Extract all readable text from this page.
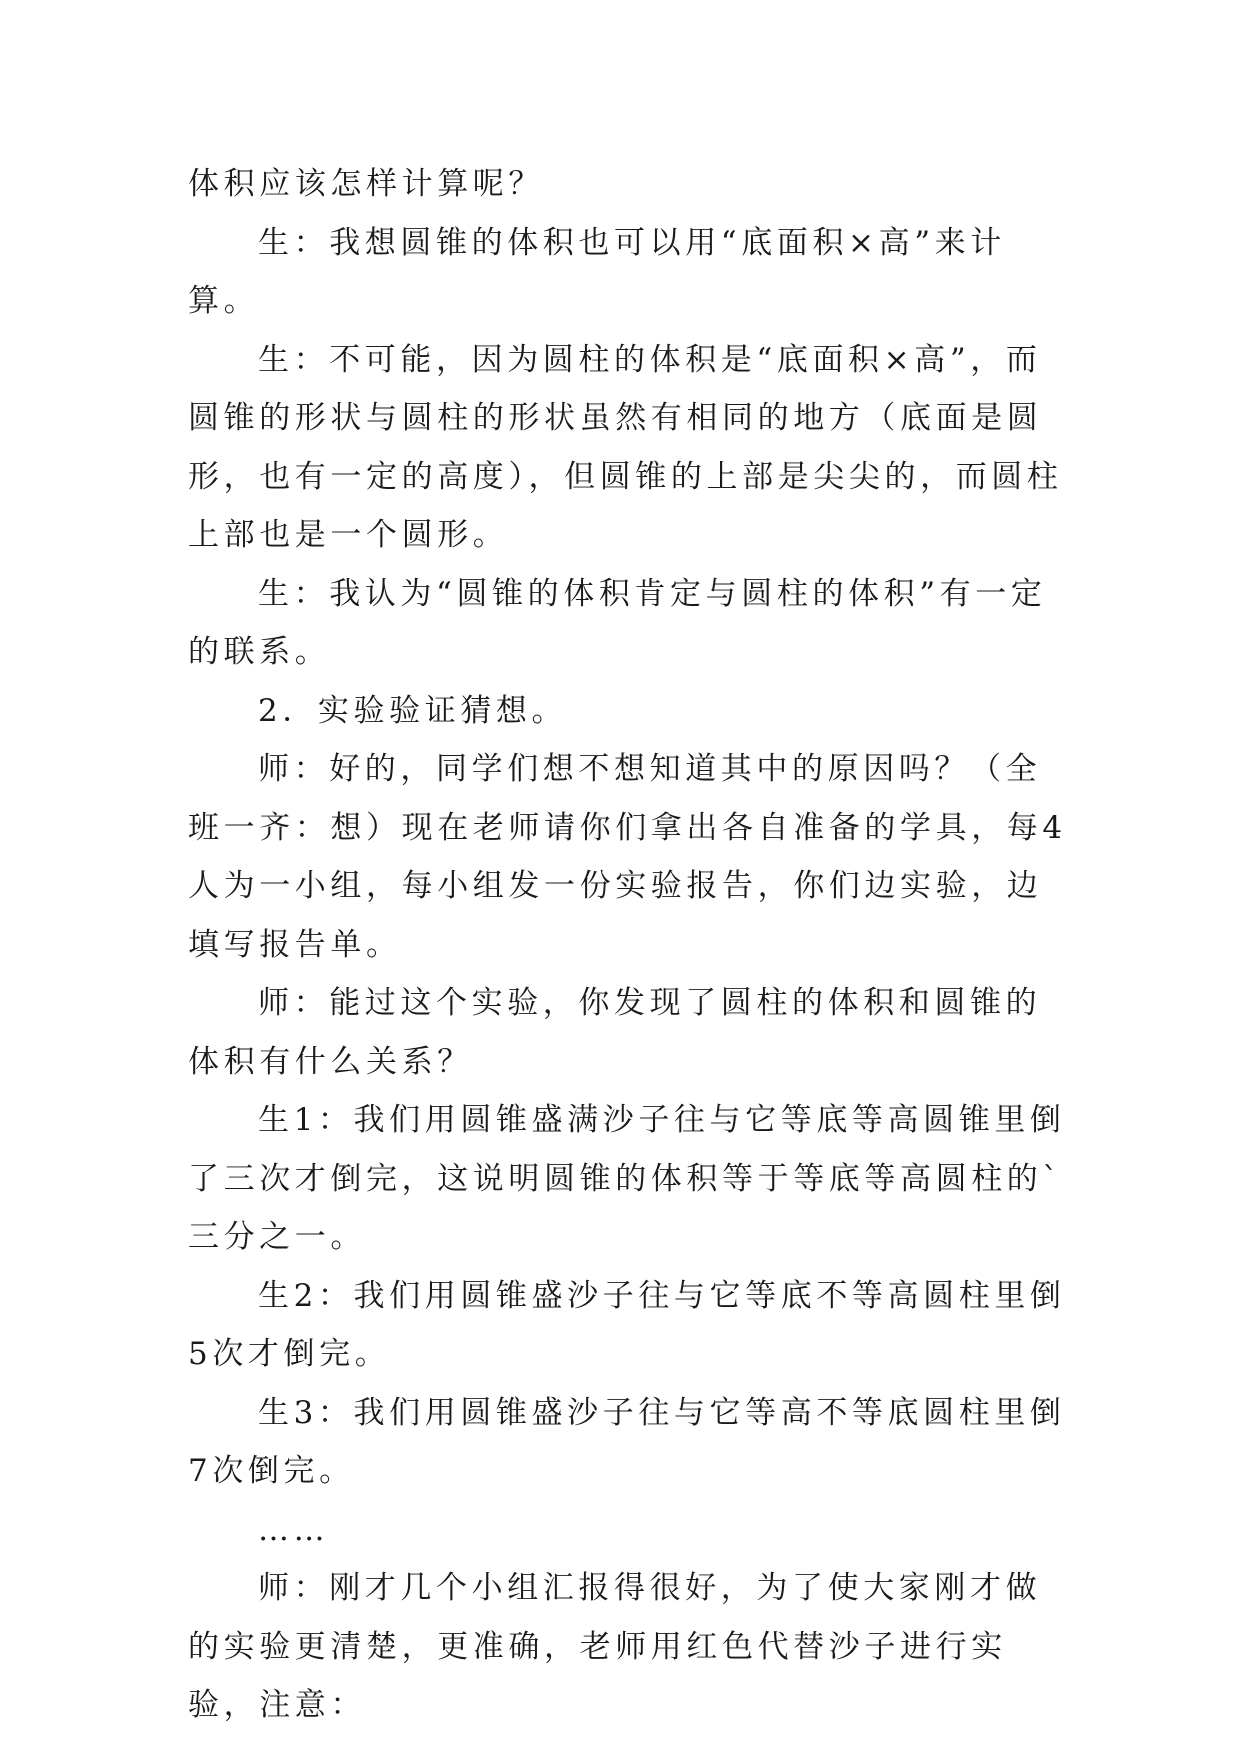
体积应该怎样计算呢？

生：我想圆锥的体积也可以用“底面积×高”来计算。

生：不可能，因为圆柱的体积是“底面积×高”，而圆锥的形状与圆柱的形状虽然有相同的地方（底面是圆形，也有一定的高度），但圆锥的上部是尖尖的，而圆柱上部也是一个圆形。

生：我认为“圆锥的体积肯定与圆柱的体积”有一定的联系。

2．实验验证猜想。

师：好的，同学们想不想知道其中的原因吗？（全班一齐：想）现在老师请你们拿出各自准备的学具，每4人为一小组，每小组发一份实验报告，你们边实验，边填写报告单。

师：能过这个实验，你发现了圆柱的体积和圆锥的体积有什么关系？

生1：我们用圆锥盛满沙子往与它等底等高圆锥里倒了三次才倒完，这说明圆锥的体积等于等底等高圆柱的`三分之一。

生2：我们用圆锥盛沙子往与它等底不等高圆柱里倒5次才倒完。

生3：我们用圆锥盛沙子往与它等高不等底圆柱里倒7次倒完。

……

师：刚才几个小组汇报得很好，为了使大家刚才做的实验更清楚，更准确，老师用红色代替沙子进行实验，注意：
